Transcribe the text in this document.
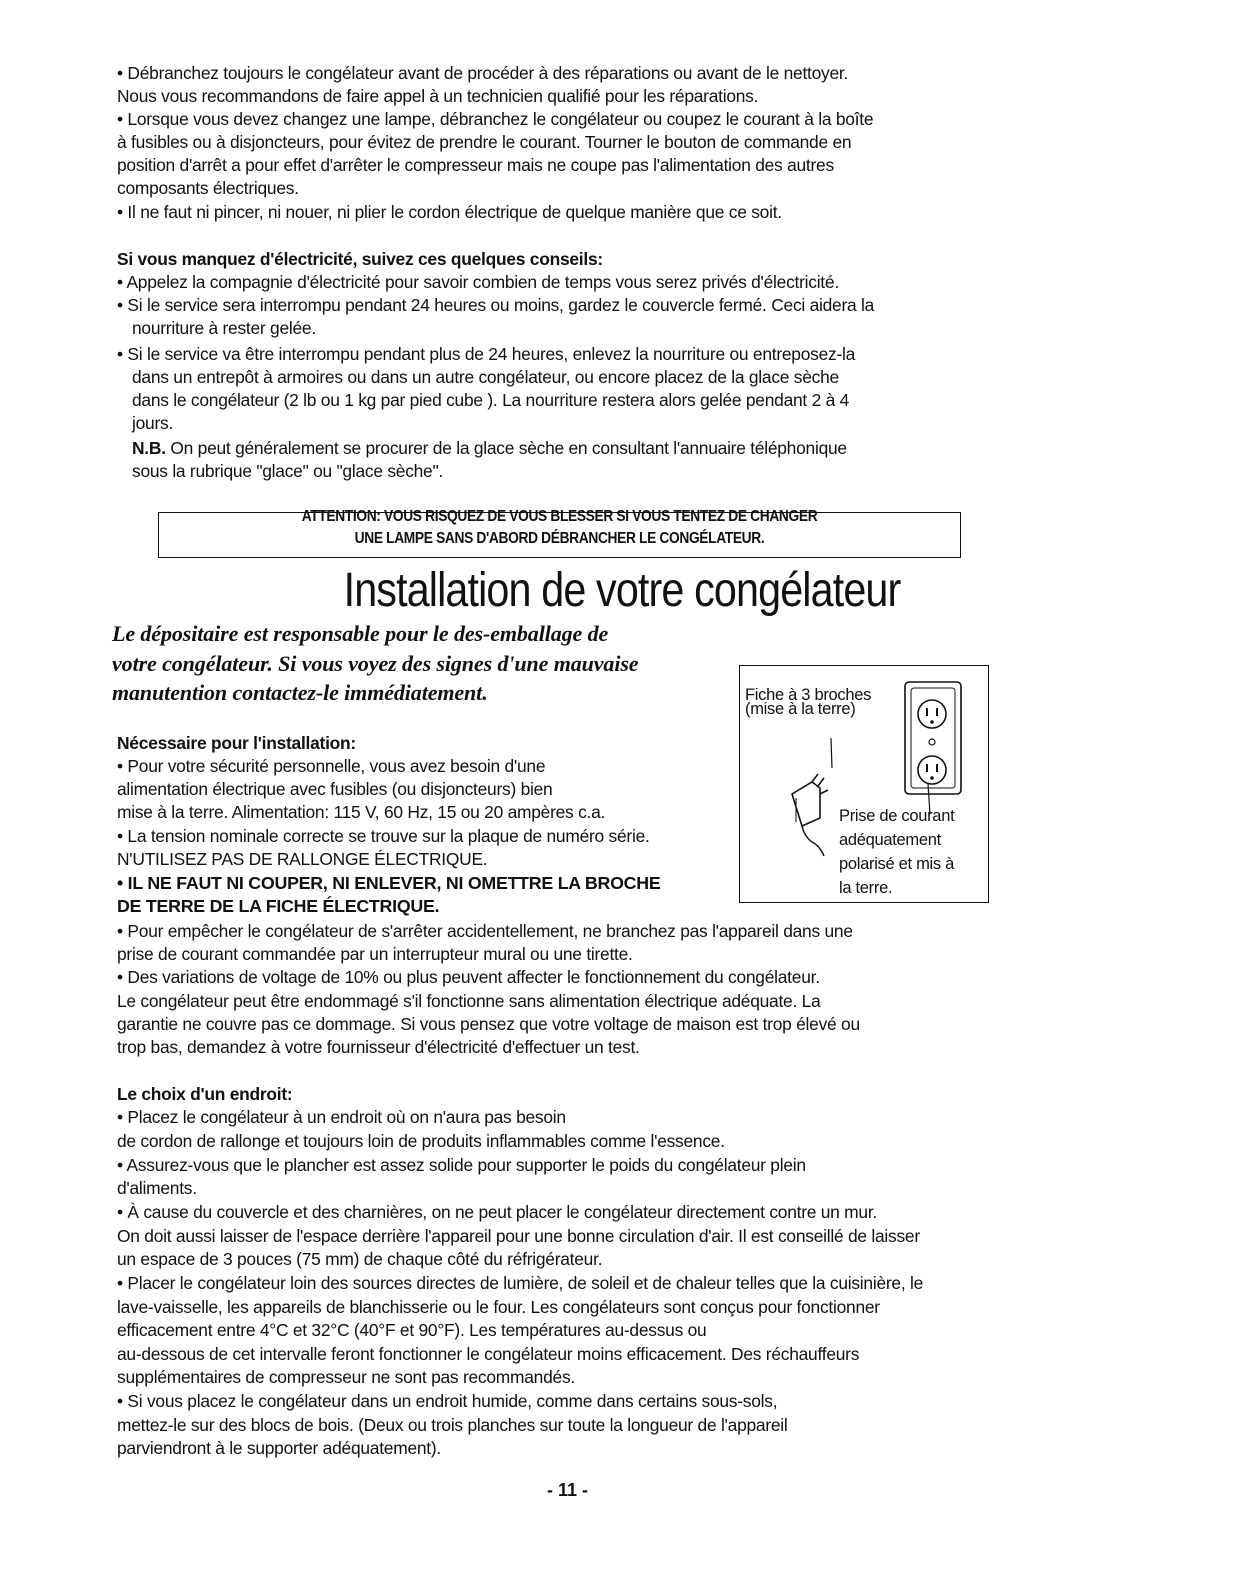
• Débranchez toujours le congélateur avant de procéder à des réparations ou avant de le nettoyer.
Nous vous recommandons de faire appel à un technicien qualifié pour les réparations.
• Lorsque vous devez changez une lampe, débranchez le congélateur ou coupez le courant à la boîte
à fusibles ou à disjoncteurs, pour évitez de prendre le courant. Tourner le bouton de commande en
position d'arrêt a pour effet d'arrêter le compresseur mais ne coupe pas l'alimentation des autres
composants électriques.
• Il ne faut ni pincer, ni nouer, ni plier le cordon électrique de quelque manière que ce soit.
Si vous manquez d'électricité, suivez ces quelques conseils:
• Appelez la compagnie d'électricité pour savoir combien de temps vous serez privés d'électricité.
• Si le service sera interrompu pendant 24 heures ou moins, gardez le couvercle fermé. Ceci aidera la
nourriture à rester gelée.
• Si le service va être interrompu pendant plus de 24 heures, enlevez la nourriture ou entreposez-la
dans un entrepôt à armoires ou dans un autre congélateur, ou encore placez de la glace sèche
dans le congélateur (2 lb ou 1 kg par pied cube ). La nourriture restera alors gelée pendant 2 à 4
jours.
N.B. On peut généralement se procurer de la glace sèche en consultant l'annuaire téléphonique
sous la rubrique "glace" ou "glace sèche".
ATTENTION: VOUS RISQUEZ DE VOUS BLESSER SI VOUS TENTEZ DE CHANGER
UNE LAMPE SANS D'ABORD DÉBRANCHER LE CONGÉLATEUR.
Installation de votre congélateur
Le dépositaire est responsable pour le des-emballage de
votre congélateur. Si vous voyez des signes d'une mauvaise
manutention contactez-le immédiatement.
Nécessaire pour l'installation:
• Pour votre sécurité personnelle, vous avez besoin d'une
alimentation électrique avec fusibles (ou disjoncteurs) bien
mise à la terre. Alimentation: 115 V, 60 Hz, 15 ou 20 ampères c.a.
• La tension nominale correcte se trouve sur la plaque de numéro série.
N'UTILISEZ PAS DE RALLONGE ÉLECTRIQUE.
• IL NE FAUT NI COUPER, NI ENLEVER, NI OMETTRE LA BROCHE
DE TERRE DE LA FICHE ÉLECTRIQUE.
• Pour empêcher le congélateur de s'arrêter accidentellement, ne branchez pas l'appareil dans une
prise de courant commandée par un interrupteur mural ou une tirette.
• Des variations de voltage de 10% ou plus peuvent affecter le fonctionnement du congélateur.
Le congélateur peut être endommagé s'il fonctionne sans alimentation électrique adéquate. La
garantie ne couvre pas ce dommage. Si vous pensez que votre voltage de maison est trop élevé ou
trop bas, demandez à votre fournisseur d'électricité d'effectuer un test.
Fiche à 3 broches
(mise à la terre)
Prise de courant
adéquatement
polarisé et mis à
la terre.
Le choix d'un endroit:
• Placez le congélateur à un endroit où on n'aura pas besoin
de cordon de rallonge et toujours loin de produits inflammables comme l'essence.
• Assurez-vous que le plancher est assez solide pour supporter le poids du congélateur plein
d'aliments.
• À cause du couvercle et des charnières, on ne peut placer le congélateur directement contre un mur.
On doit aussi laisser de l'espace derrière l'appareil pour une bonne circulation d'air. Il est conseillé de laisser
un espace de 3 pouces (75 mm) de chaque côté du réfrigérateur.
• Placer le congélateur loin des sources directes de lumière, de soleil et de chaleur telles que la cuisinière, le
lave-vaisselle, les appareils de blanchisserie ou le four. Les congélateurs sont conçus pour fonctionner
efficacement entre 4°C et 32°C (40°F et 90°F). Les températures au-dessus ou
au-dessous de cet intervalle feront fonctionner le congélateur moins efficacement. Des réchauffeurs
supplémentaires de compresseur ne sont pas recommandés.
• Si vous placez le congélateur dans un endroit humide, comme dans certains sous-sols,
mettez-le sur des blocs de bois. (Deux ou trois planches sur toute la longueur de l'appareil
parviendront à le supporter adéquatement).
- 11 -
